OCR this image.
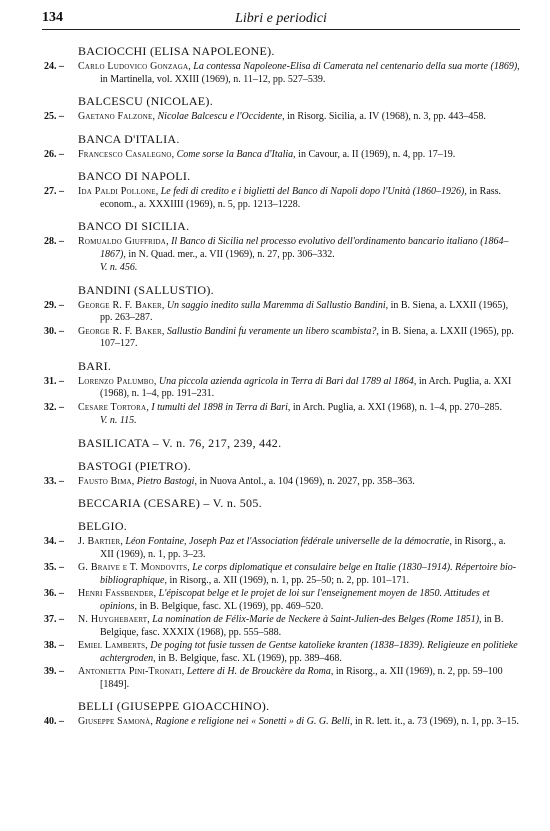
134	Libri e periodici
BACIOCCHI (ELISA NAPOLEONE).
24. – Carlo Ludovico Gonzaga, La contessa Napoleone-Elisa di Camerata nel centenario della sua morte (1869), in Martinella, vol. XXIII (1969), n. 11–12, pp. 527–539.
BALCESCU (NICOLAE).
25. – Gaetano Falzone, Nicolae Balcescu e l'Occidente, in Risorg. Sicilia, a. IV (1968), n. 3, pp. 443–458.
BANCA D'ITALIA.
26. – Francesco Casalegno, Come sorse la Banca d'Italia, in Cavour, a. II (1969), n. 4, pp. 17–19.
BANCO DI NAPOLI.
27. – Ida Paldi Pollone, Le fedi di credito e i biglietti del Banco di Napoli dopo l'Unità (1860–1926), in Rass. econom., a. XXXIIII (1969), n. 5, pp. 1213–1228.
BANCO DI SICILIA.
28. – Romualdo Giuffrida, Il Banco di Sicilia nel processo evolutivo dell'ordinamento bancario italiano (1864–1867), in N. Quad. mer., a. VII (1969), n. 27, pp. 306–332.
V. n. 456.
BANDINI (SALLUSTIO).
29. – George R. F. Baker, Un saggio inedito sulla Maremma di Sallustio Bandini, in B. Siena, a. LXXII (1965), pp. 263–287.
30. – George R. F. Baker, Sallustio Bandini fu veramente un libero scambista?, in B. Siena, a. LXXII (1965), pp. 107–127.
BARI.
31. – Lorenzo Palumbo, Una piccola azienda agricola in Terra di Bari dal 1789 al 1864, in Arch. Puglia, a. XXI (1968), n. 1–4, pp. 191–231.
32. – Cesare Tortora, I tumulti del 1898 in Terra di Bari, in Arch. Puglia, a. XXI (1968), n. 1–4, pp. 270–285.
V. n. 115.
BASILICATA – V. n. 76, 217, 239, 442.
BASTOGI (PIETRO).
33. – Fausto Bima, Pietro Bastogi, in Nuova Antol., a. 104 (1969), n. 2027, pp. 358–363.
BECCARIA (CESARE) – V. n. 505.
BELGIO.
34. – J. Bartier, Léon Fontaine, Joseph Paz et l'Association fédérale universelle de la démocratie, in Risorg., a. XII (1969), n. 1, pp. 3–23.
35. – G. Braive e T. Mondovits, Le corps diplomatique et consulaire belge en Italie (1830–1914). Répertoire bio-bibliographique, in Risorg., a. XII (1969), n. 1, pp. 25–50; n. 2, pp. 101–171.
36. – Henri Fassbender, L'épiscopat belge et le projet de loi sur l'enseignement moyen de 1850. Attitudes et opinions, in B. Belgique, fasc. XL (1969), pp. 469–520.
37. – N. Huyghebaert, La nomination de Félix-Marie de Neckere à Saint-Julien-des Belges (Rome 1851), in B. Belgique, fasc. XXXIX (1968), pp. 555–588.
38. – Emiel Lamberts, De poging tot fusie tussen de Gentse katolieke kranten (1838–1839). Religieuze en politieke achtergroden, in B. Belgique, fasc. XL (1969), pp. 389–468.
39. – Antonietta Pini-Tronati, Lettere di H. de Brouckère da Roma, in Risorg., a. XII (1969), n. 2, pp. 59–100 [1849].
BELLI (GIUSEPPE GIOACCHINO).
40. – Giuseppe Samonà, Ragione e religione nei « Sonetti » di G. G. Belli, in R. lett. it., a. 73 (1969), n. 1, pp. 3–15.
